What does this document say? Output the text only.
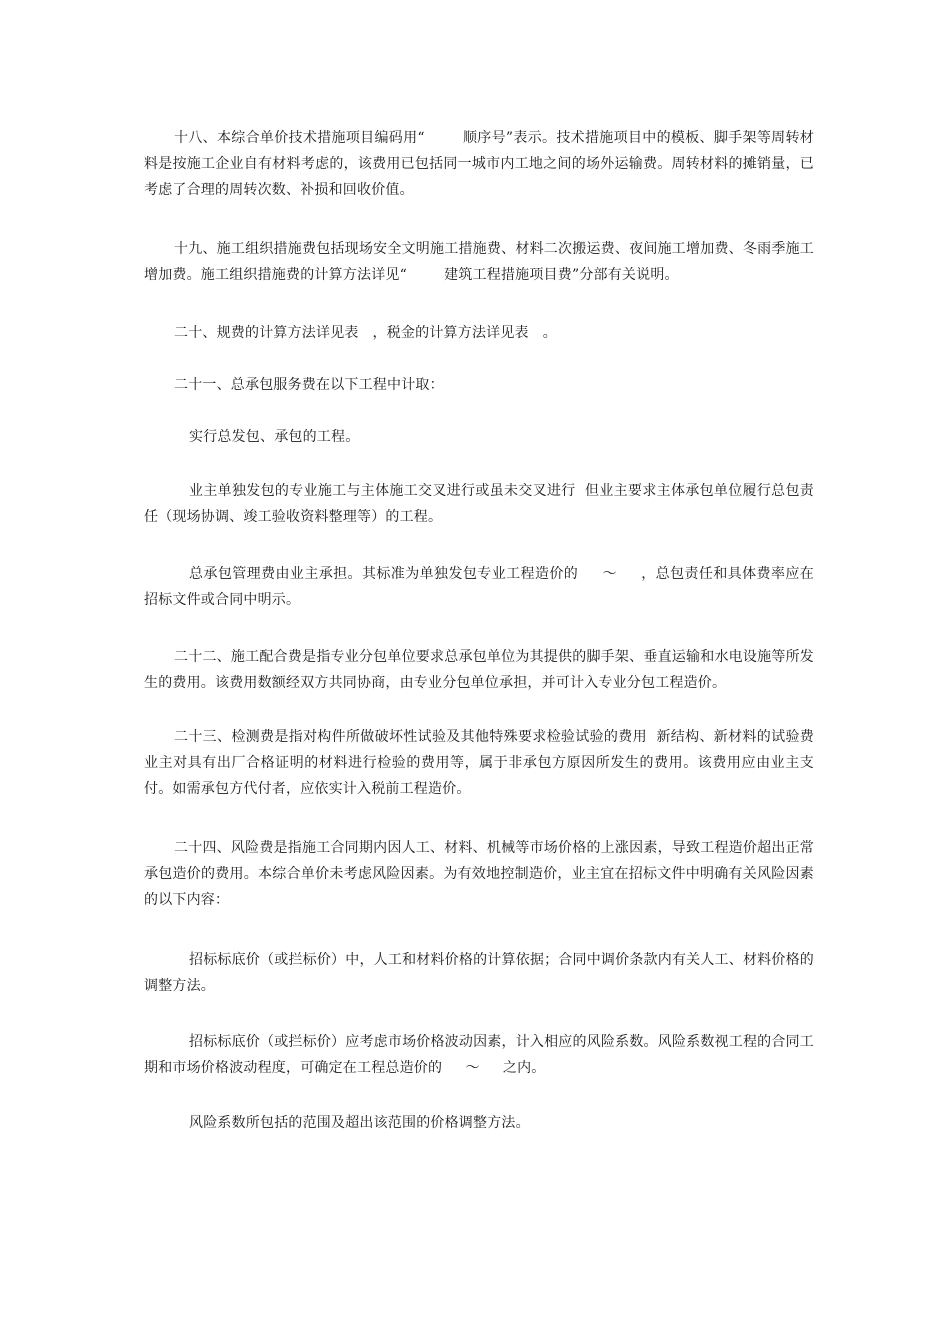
十八、本综合单价技术措施项目编码用“        顺序号”表示。技术措施项目中的模板、脚手架等周转材料是按施工企业自有材料考虑的，该费用已包括同一城市内工地之间的场外运输费。周转材料的摊销量，已考虑了合理的周转次数、补损和回收价值。

十九、施工组织措施费包括现场安全文明施工措施费、材料二次搬运费、夜间施工增加费、冬雨季施工增加费。施工组织措施费的计算方法详见“        建筑工程措施项目费”分部有关说明。

二十、规费的计算方法详见表   ，税金的计算方法详见表   。

二十一、总承包服务费在以下工程中计取：

实行总发包、承包的工程。

业主单独发包的专业施工与主体施工交叉进行或虽未交叉进行  但业主要求主体承包单位履行总包责任（现场协调、竣工验收资料整理等）的工程。

总承包管理费由业主承担。其标准为单独发包专业工程造价的     ～     ，总包责任和具体费率应在招标文件或合同中明示。

二十二、施工配合费是指专业分包单位要求总承包单位为其提供的脚手架、垂直运输和水电设施等所发生的费用。该费用数额经双方共同协商，由专业分包单位承担，并可计入专业分包工程造价。

二十三、检测费是指对构件所做破坏性试验及其他特殊要求检验试验的费用  新结构、新材料的试验费  业主对具有出厂合格证明的材料进行检验的费用等，属于非承包方原因所发生的费用。该费用应由业主支付。如需承包方代付者，应依实计入税前工程造价。

二十四、风险费是指施工合同期内因人工、材料、机械等市场价格的上涨因素，导致工程造价超出正常承包造价的费用。本综合单价未考虑风险因素。为有效地控制造价，业主宜在招标文件中明确有关风险因素的以下内容：

招标标底价（或拦标价）中，人工和材料价格的计算依据；合同中调价条款内有关人工、材料价格的调整方法。

招标标底价（或拦标价）应考虑市场价格波动因素，计入相应的风险系数。风险系数视工程的合同工期和市场价格波动程度，可确定在工程总造价的     ～     之内。

风险系数所包括的范围及超出该范围的价格调整方法。
